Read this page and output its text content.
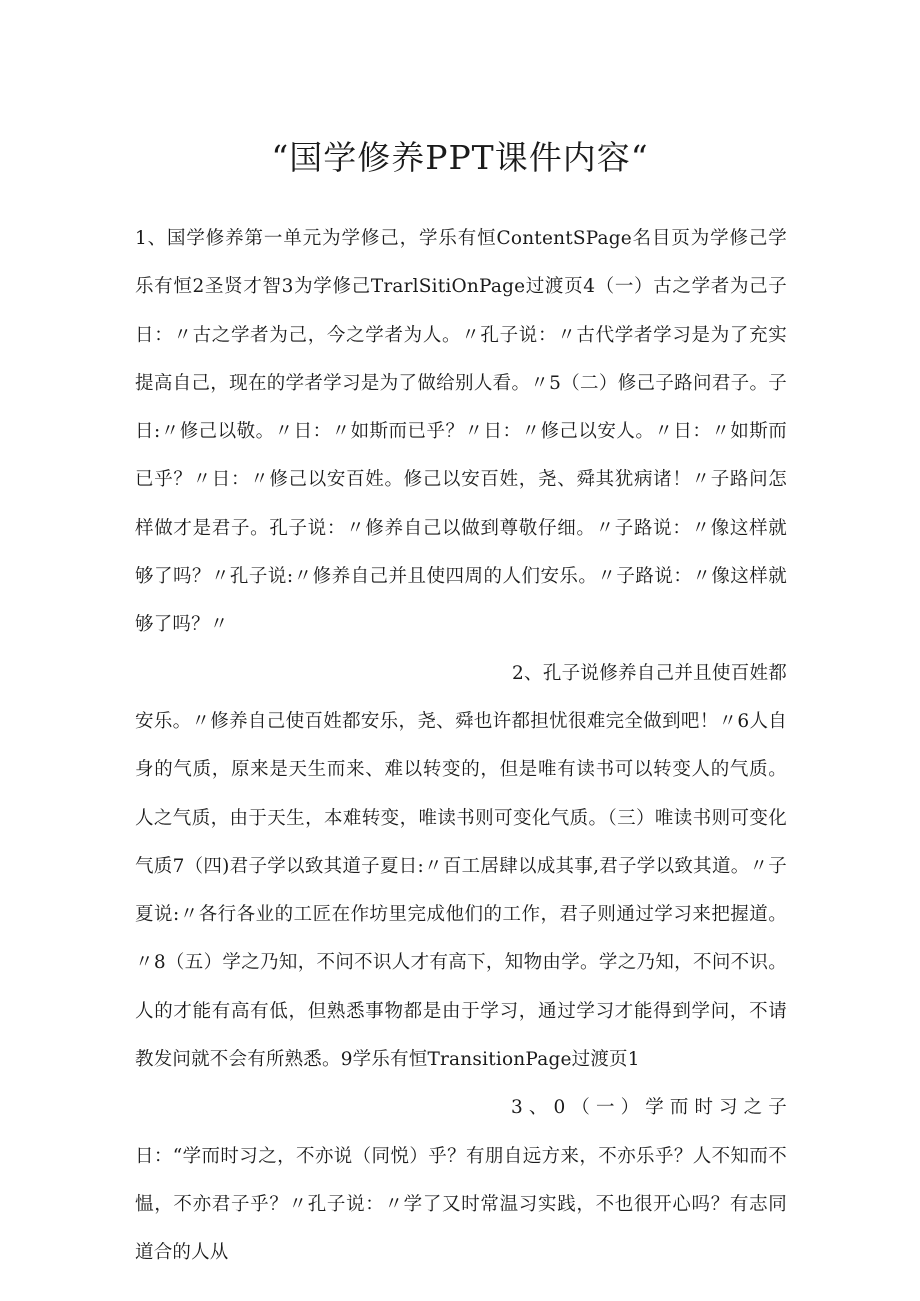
“国学修养PPT课件内容“

1、国学修养第一单元为学修己，学乐有恒ContentSPage名目页为学修己学乐有恒2圣贤才智3为学修己TrarlSitiOnPage过渡页4（一）古之学者为己子日：〃古之学者为己，今之学者为人。〃孔子说：〃古代学者学习是为了充实提高自己，现在的学者学习是为了做给别人看。〃5（二）修己子路问君子。子日:〃修己以敬。〃日：〃如斯而已乎？〃日：〃修己以安人。〃日：〃如斯而已乎？〃日：〃修己以安百姓。修己以安百姓，尧、舜其犹病诸！〃子路问怎样做才是君子。孔子说：〃修养自己以做到尊敬仔细。〃子路说：〃像这样就够了吗？〃孔子说:〃修养自己并且使四周的人们安乐。〃子路说：〃像这样就够了吗？〃

2、孔子说修养自己并且使百姓都安乐。〃修养自己使百姓都安乐，尧、舜也许都担忧很难完全做到吧！〃6人自身的气质，原来是天生而来、难以转变的，但是唯有读书可以转变人的气质。人之气质，由于天生，本难转变，唯读书则可变化气质。（三）唯读书则可变化气质7（四)君子学以致其道子夏日:〃百工居肆以成其事,君子学以致其道。〃子夏说:〃各行各业的工匠在作坊里完成他们的工作，君子则通过学习来把握道。〃8（五）学之乃知，不问不识人才有高下，知物由学。学之乃知，不问不识。人的才能有高有低，但熟悉事物都是由于学习，通过学习才能得到学问，不请教发问就不会有所熟悉。9学乐有恒TransitionPage过渡页1

3、0（一）学而时习之子日：“学而时习之，不亦说（同悦）乎？有朋自远方来，不亦乐乎？人不知而不愠，不亦君子乎？〃孔子说：〃学了又时常温习实践，不也很开心吗？有志同道合的人从
